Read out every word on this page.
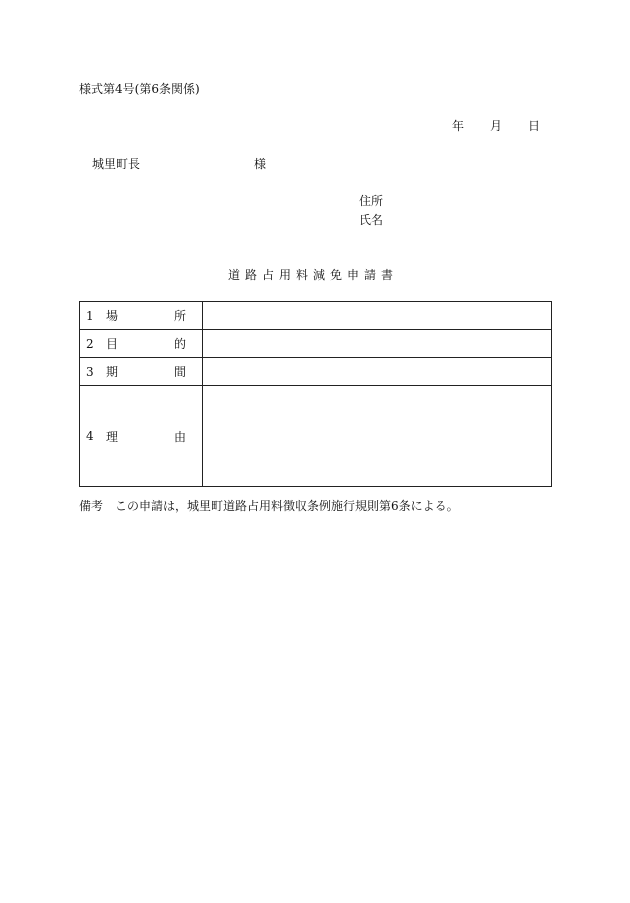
様式第4号(第6条関係)
年 月 日
城里町長	様
住所
氏名
道路占用料減免申請書
1 場 所	

2 目 的	

3 期 間	

4 理 由	

備考 この申請は，城里町道路占用料徴収条例施行規則第6条による。
